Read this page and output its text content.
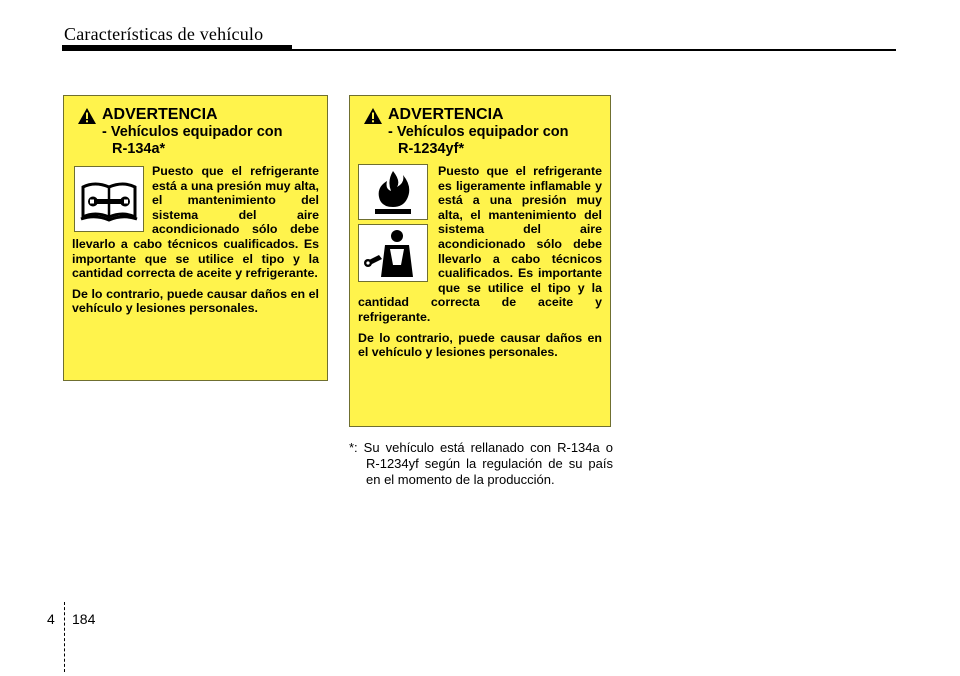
Características de vehículo
ADVERTENCIA
- Vehículos equipador con
R-134a*

Puesto que el refrigerante está a una presión muy alta, el mantenimiento del sistema del aire acondicionado sólo debe llevarlo a cabo técnicos cualificados. Es importante que se utilice el tipo y la cantidad correcta de aceite y refrigerante.

De lo contrario, puede causar daños en el vehículo y lesiones personales.

ADVERTENCIA
- Vehículos equipador con
R-1234yf*

Puesto que el refrigerante es ligeramente inflamable y está a una presión muy alta, el mantenimiento del sistema del aire acondicionado sólo debe llevarlo a cabo técnicos cualificados. Es importante que se utilice el tipo y la cantidad correcta de aceite y refrigerante.

De lo contrario, puede causar daños en el vehículo y lesiones personales.

*: Su vehículo está rellanado con R-134a o R-1234yf según la regulación de su país en el momento de la producción.
4 184
